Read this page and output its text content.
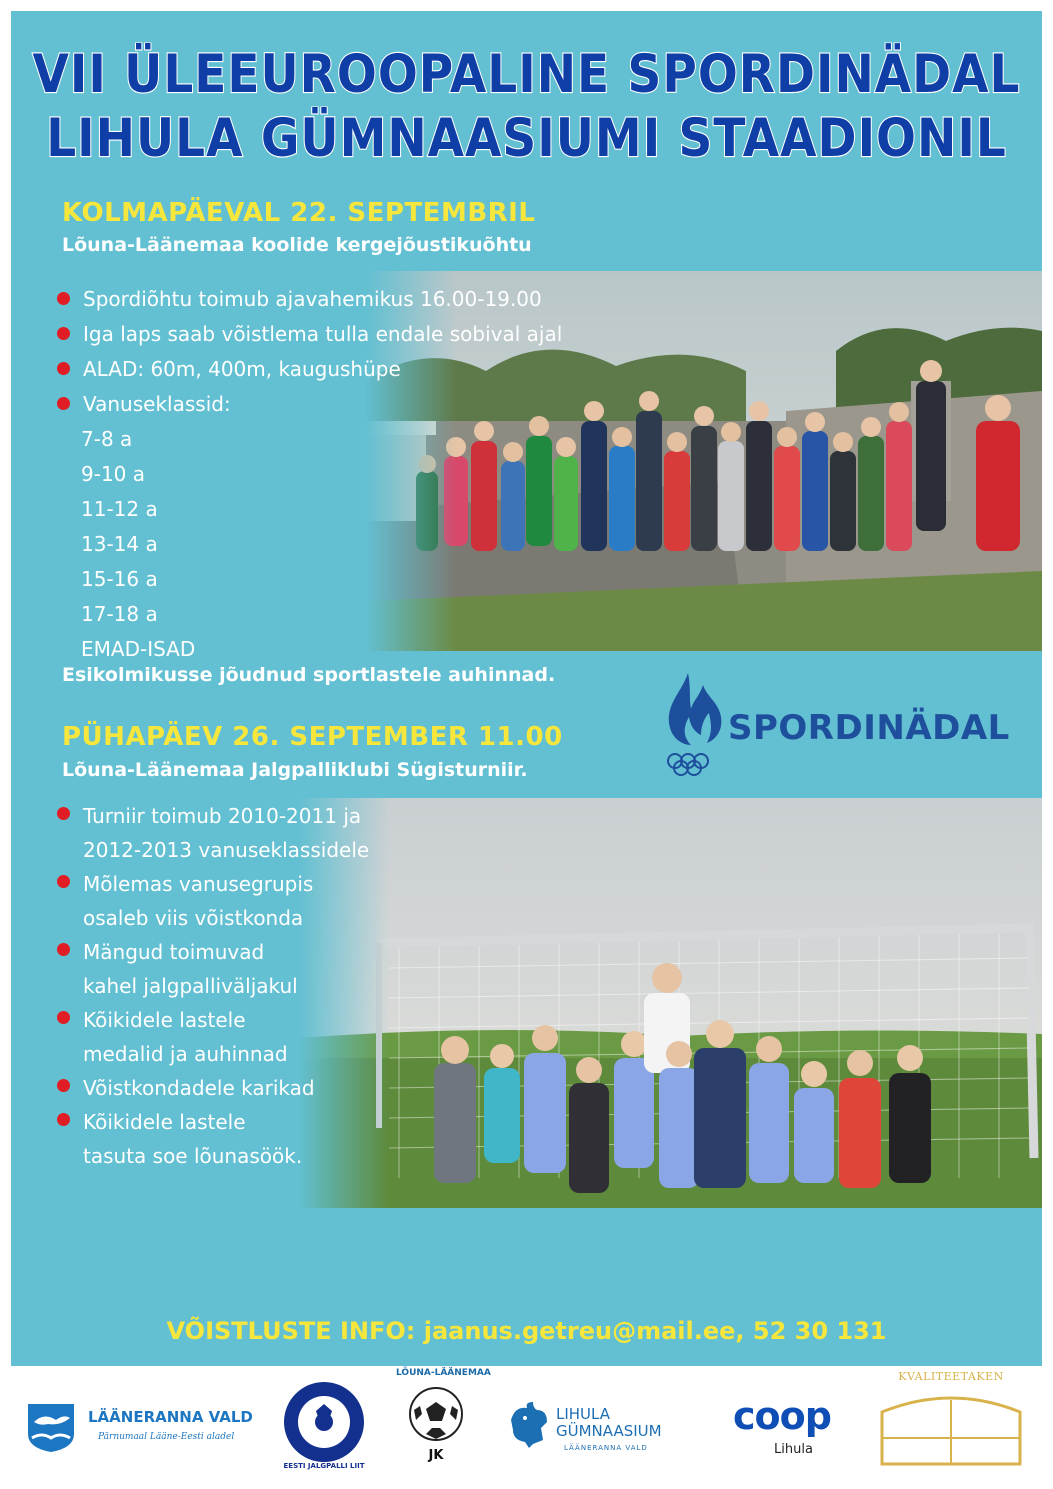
VII ÜLEEUROOPALINE SPORDINÄDAL
LIHULA GÜMNAASIUMI STAADIONIL
KOLMAPÄEVAL 22. SEPTEMBRIL
Lõuna-Läänemaa koolide kergejõustikuõhtu
Spordiõhtu toimub ajavahemikus 16.00-19.00
Iga laps saab võistlema tulla endale sobival ajal
ALAD: 60m, 400m, kaugushüpe
Vanuseklassid:
7-8 a
9-10 a
11-12 a
13-14 a
15-16 a
17-18 a
EMAD-ISAD
Esikolmikusse jõudnud sportlastele auhinnad.
SPORDINÄDAL
PÜHAPÄEV 26. SEPTEMBER 11.00
Lõuna-Läänemaa Jalgpalliklubi Sügisturniir.
Turniir toimub 2010-2011 ja
2012-2013 vanuseklassidele
Mõlemas vanusegrupis
osaleb viis võistkonda
Mängud toimuvad
kahel jalgpalliväljakul
Kõikidele lastele
medalid ja auhinnad
Võistkondadele karikad
Kõikidele lastele
tasuta soe lõunasöök.
VÕISTLUSTE INFO: jaanus.getreu@mail.ee, 52 30 131
LÄÄNERANNA VALD
Pärnumaal Lääne-Eesti aladel
EESTI JALGPALLI LIIT
LÕUNA-LÄÄNEMAA
JK
LIHULA
GÜMNAASIUM
LÄÄNERANNA VALD
coop
Lihula
KVALITEETAKEN
